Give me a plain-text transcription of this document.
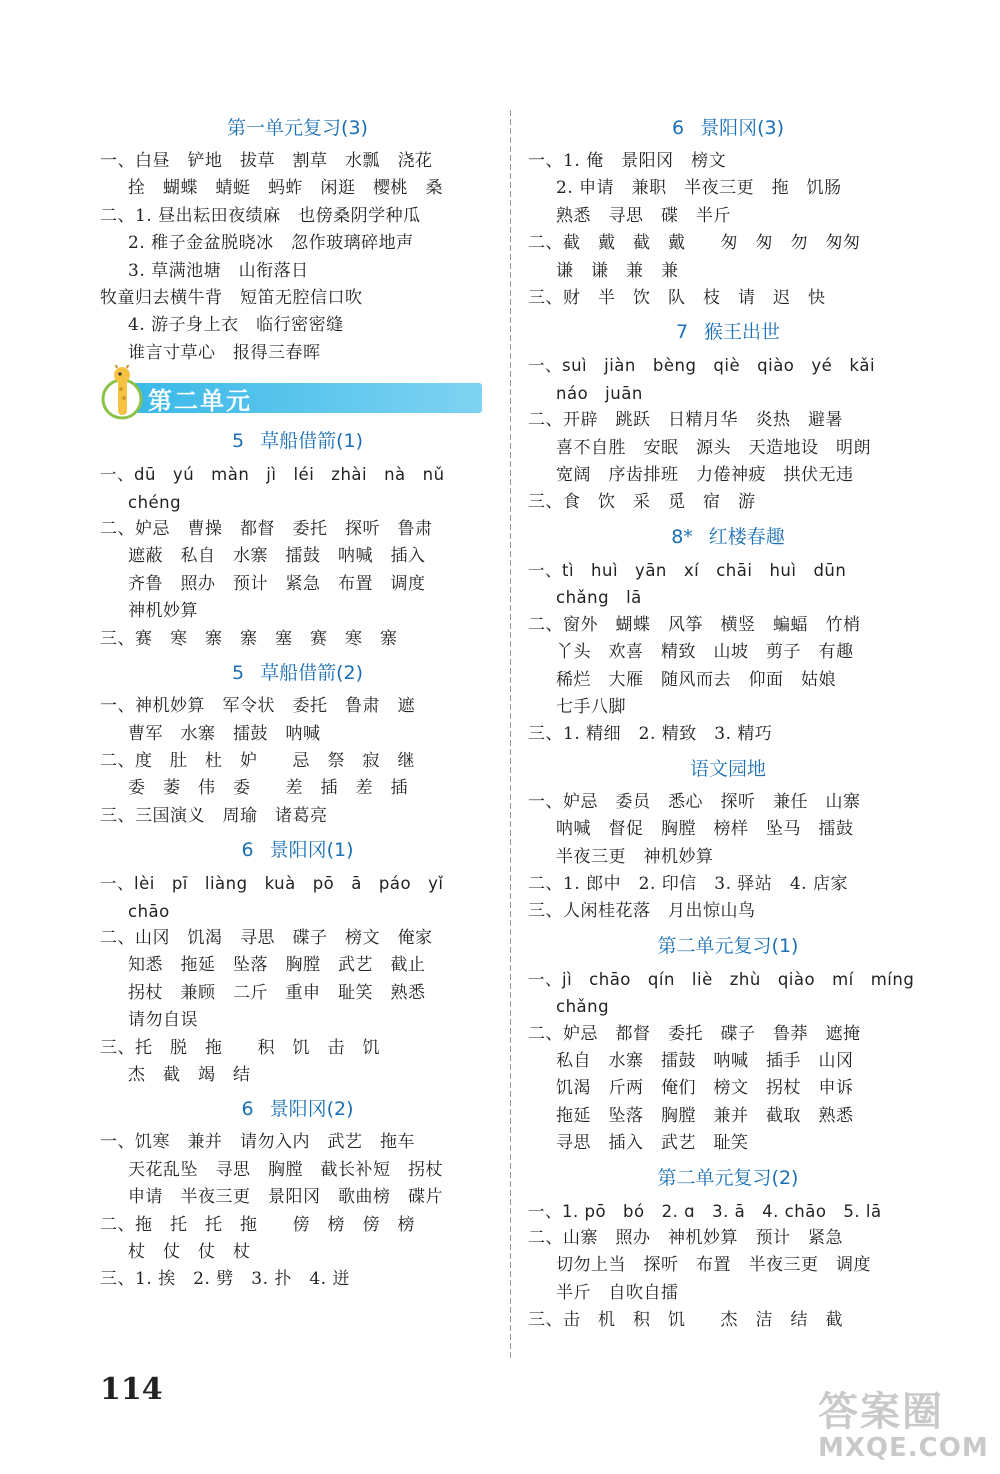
第一单元复习(3)
一、白昼　铲地　拔草　割草　水瓢　浇花
拴　蝴蝶　蜻蜓　蚂蚱　闲逛　樱桃　桑
二、1. 昼出耘田夜绩麻　也傍桑阴学种瓜
2. 稚子金盆脱晓冰　忽作玻璃碎地声
3. 草满池塘　山衔落日
牧童归去横牛背　短笛无腔信口吹
4. 游子身上衣　临行密密缝
谁言寸草心　报得三春晖
第二单元
5 草船借箭(1)
一、dū　yú　màn　jì　léi　zhài　nà　nǔ
chéng
二、妒忌　曹操　都督　委托　探听　鲁肃
遮蔽　私自　水寨　擂鼓　呐喊　插入
齐鲁　照办　预计　紧急　布置　调度
神机妙算
三、赛　寒　寨　寨　塞　赛　寒　寨
5 草船借箭(2)
一、神机妙算　军令状　委托　鲁肃　遮
曹军　水寨　擂鼓　呐喊
二、度　肚　杜　妒　　忌　祭　寂　继
委　萎　伟　委　　差　插　差　插
三、三国演义　周瑜　诸葛亮
6 景阳冈(1)
一、lèi　pī　liàng　kuà　pō　ā　páo　yǐ
chāo
二、山冈　饥渴　寻思　碟子　榜文　俺家
知悉　拖延　坠落　胸膛　武艺　截止
拐杖　兼顾　二斤　重申　耻笑　熟悉
请勿自误
三、托　脱　拖　　积　饥　击　饥
杰　截　竭　结
6 景阳冈(2)
一、饥寒　兼并　请勿入内　武艺　拖车
天花乱坠　寻思　胸膛　截长补短　拐杖
申请　半夜三更　景阳冈　歌曲榜　碟片
二、拖　托　托　拖　　傍　榜　傍　榜
杖　仗　仗　杖
三、1. 挨　2. 劈　3. 扑　4. 迸
6 景阳冈(3)
一、1. 俺　景阳冈　榜文
2. 申请　兼职　半夜三更　拖　饥肠
熟悉　寻思　碟　半斤
二、截　戴　截　戴　　匆　匆　勿　匆匆
谦　谦　兼　兼
三、财　半　饮　队　枝　请　迟　快
7 猴王出世
一、suì　jiàn　bèng　qiè　qiào　yé　kǎi
náo　juān
二、开辟　跳跃　日精月华　炎热　避暑
喜不自胜　安眠　源头　天造地设　明朗
宽阔　序齿排班　力倦神疲　拱伏无违
三、食　饮　采　觅　宿　游
8* 红楼春趣
一、tì　huì　yān　xí　chāi　huì　dūn
chǎng　lā
二、窗外　蝴蝶　风筝　横竖　蝙蝠　竹梢
丫头　欢喜　精致　山坡　剪子　有趣
稀烂　大雁　随风而去　仰面　姑娘
七手八脚
三、1. 精细　2. 精致　3. 精巧
语文园地
一、妒忌　委员　悉心　探听　兼任　山寨
呐喊　督促　胸膛　榜样　坠马　擂鼓
半夜三更　神机妙算
二、1. 郎中　2. 印信　3. 驿站　4. 店家
三、人闲桂花落　月出惊山鸟
第二单元复习(1)
一、jì　chāo　qín　liè　zhù　qiào　mí　míng
chǎng
二、妒忌　都督　委托　碟子　鲁莽　遮掩
私自　水寨　擂鼓　呐喊　插手　山冈
饥渴　斤两　俺们　榜文　拐杖　申诉
拖延　坠落　胸膛　兼并　截取　熟悉
寻思　插入　武艺　耻笑
第二单元复习(2)
一、1. pō　bó　2. ɑ　3. ā　4. chāo　5. lā
二、山寨　照办　神机妙算　预计　紧急
切勿上当　探听　布置　半夜三更　调度
半斤　自吹自擂
三、击　机　积　饥　　杰　洁　结　截
114	答案圈
MXQE.COM
